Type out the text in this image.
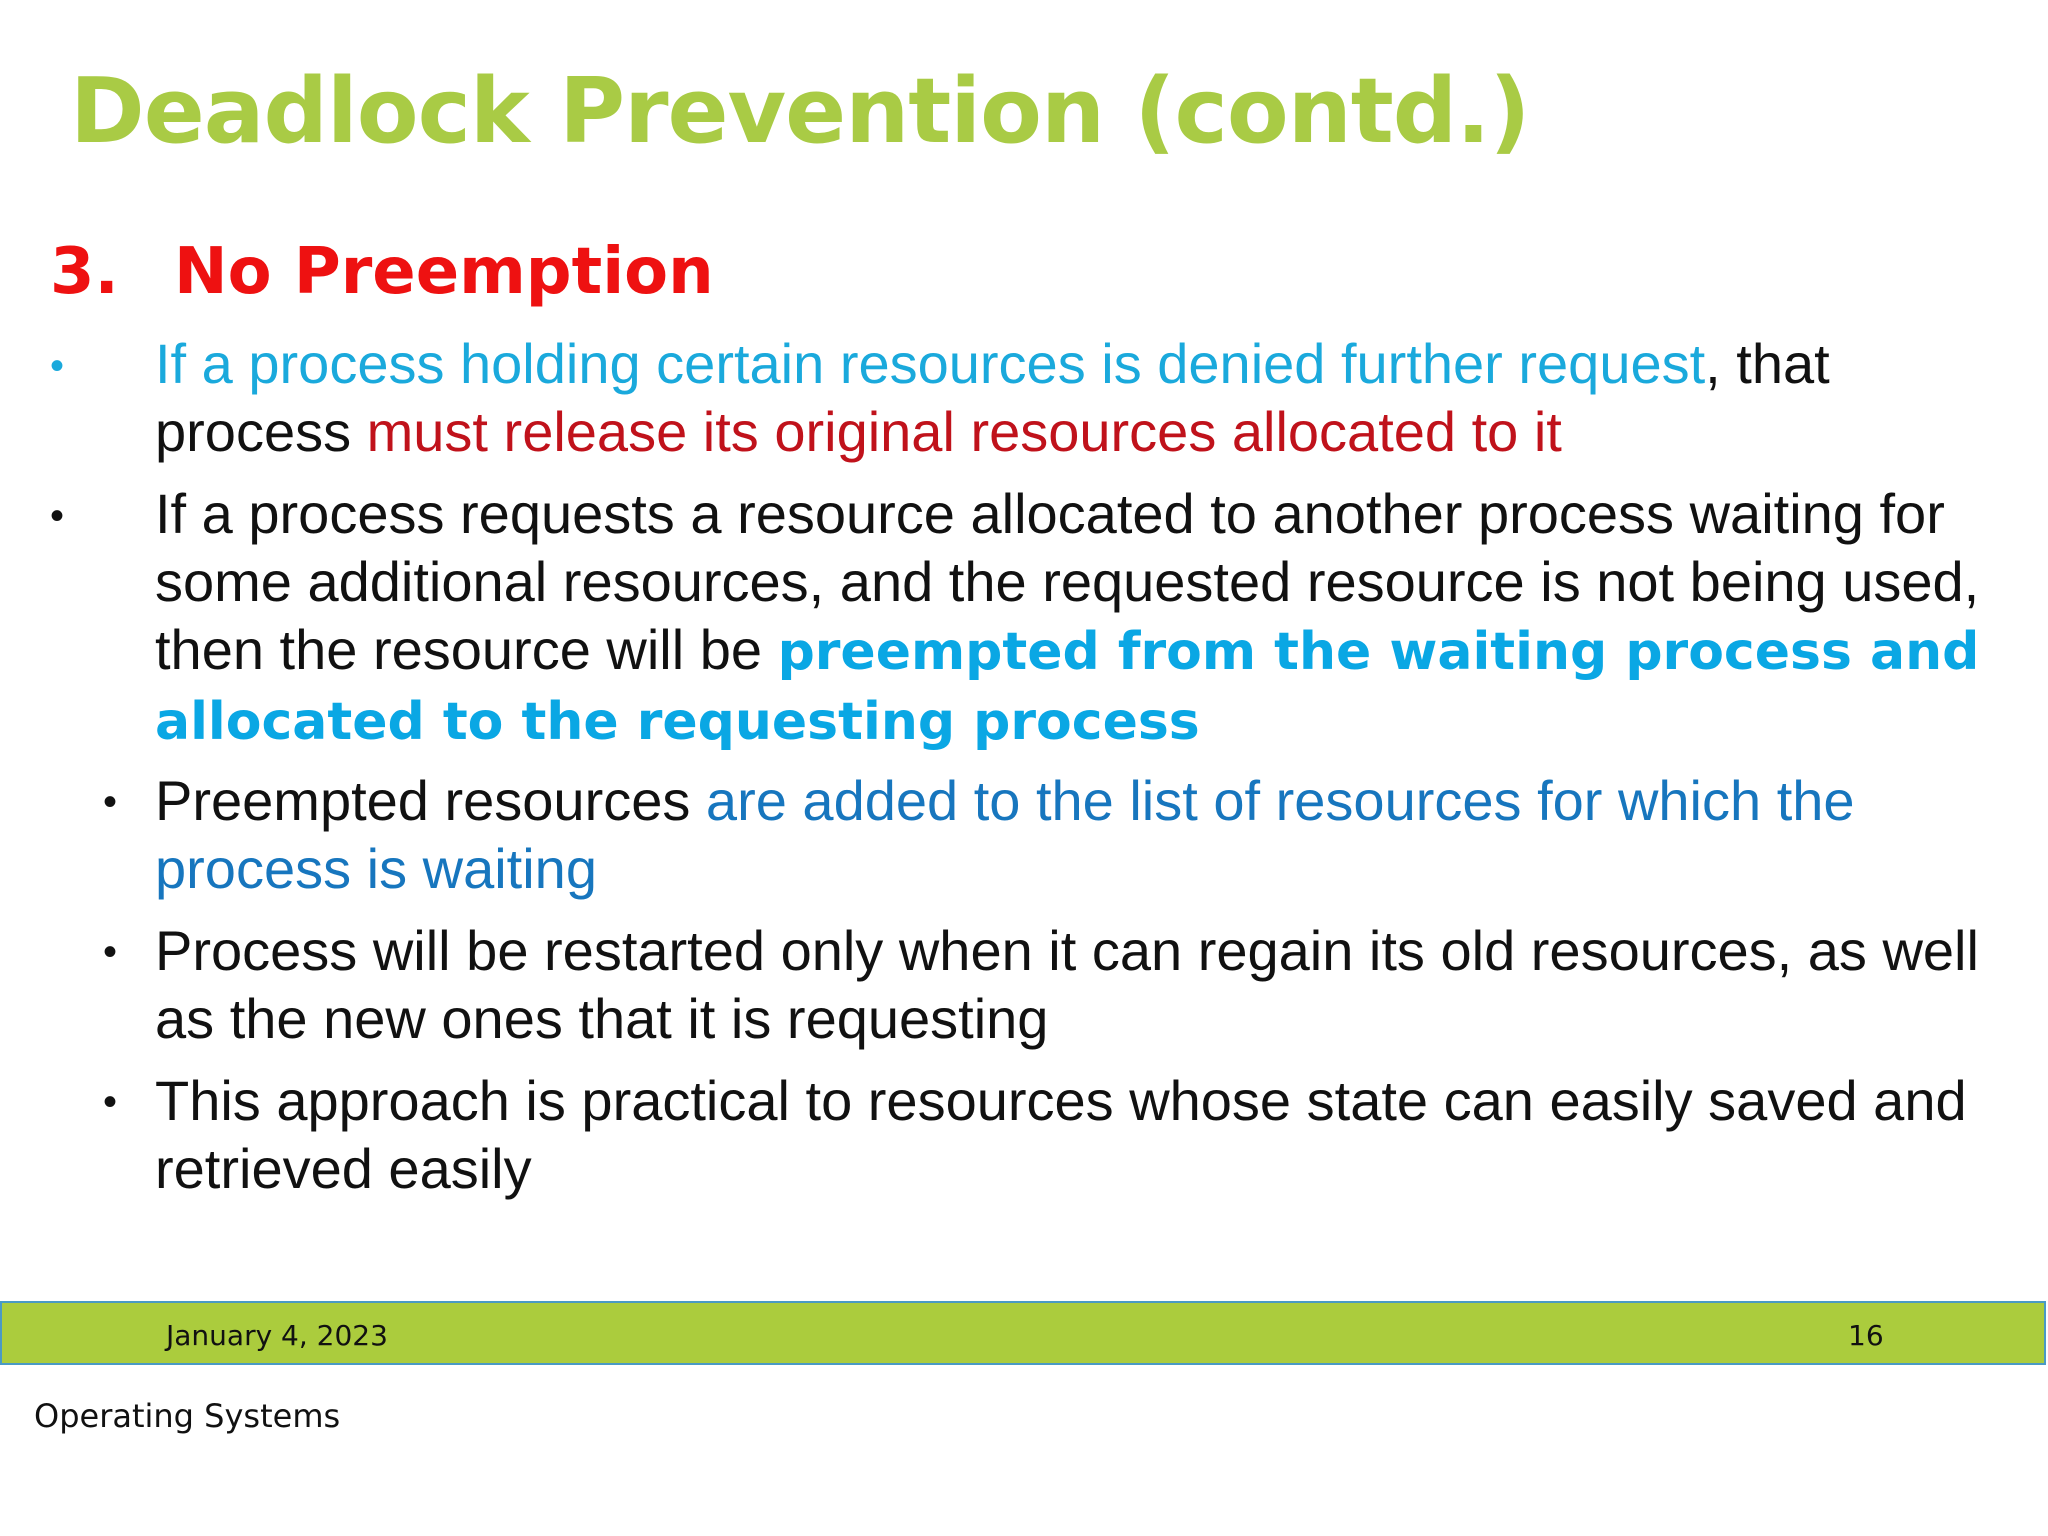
Deadlock Prevention (contd.)
3. No Preemption
• If a process holding certain resources is denied further request, that process must release its original resources allocated to it
• If a process requests a resource allocated to another process waiting for some additional resources, and the requested resource is not being used, then the resource will be preempted from the waiting process and allocated to the requesting process
• Preempted resources are added to the list of resources for which the process is waiting
• Process will be restarted only when it can regain its old resources, as well as the new ones that it is requesting
• This approach is practical to resources whose state can easily saved and retrieved easily
January 4, 2023	16
Operating Systems
